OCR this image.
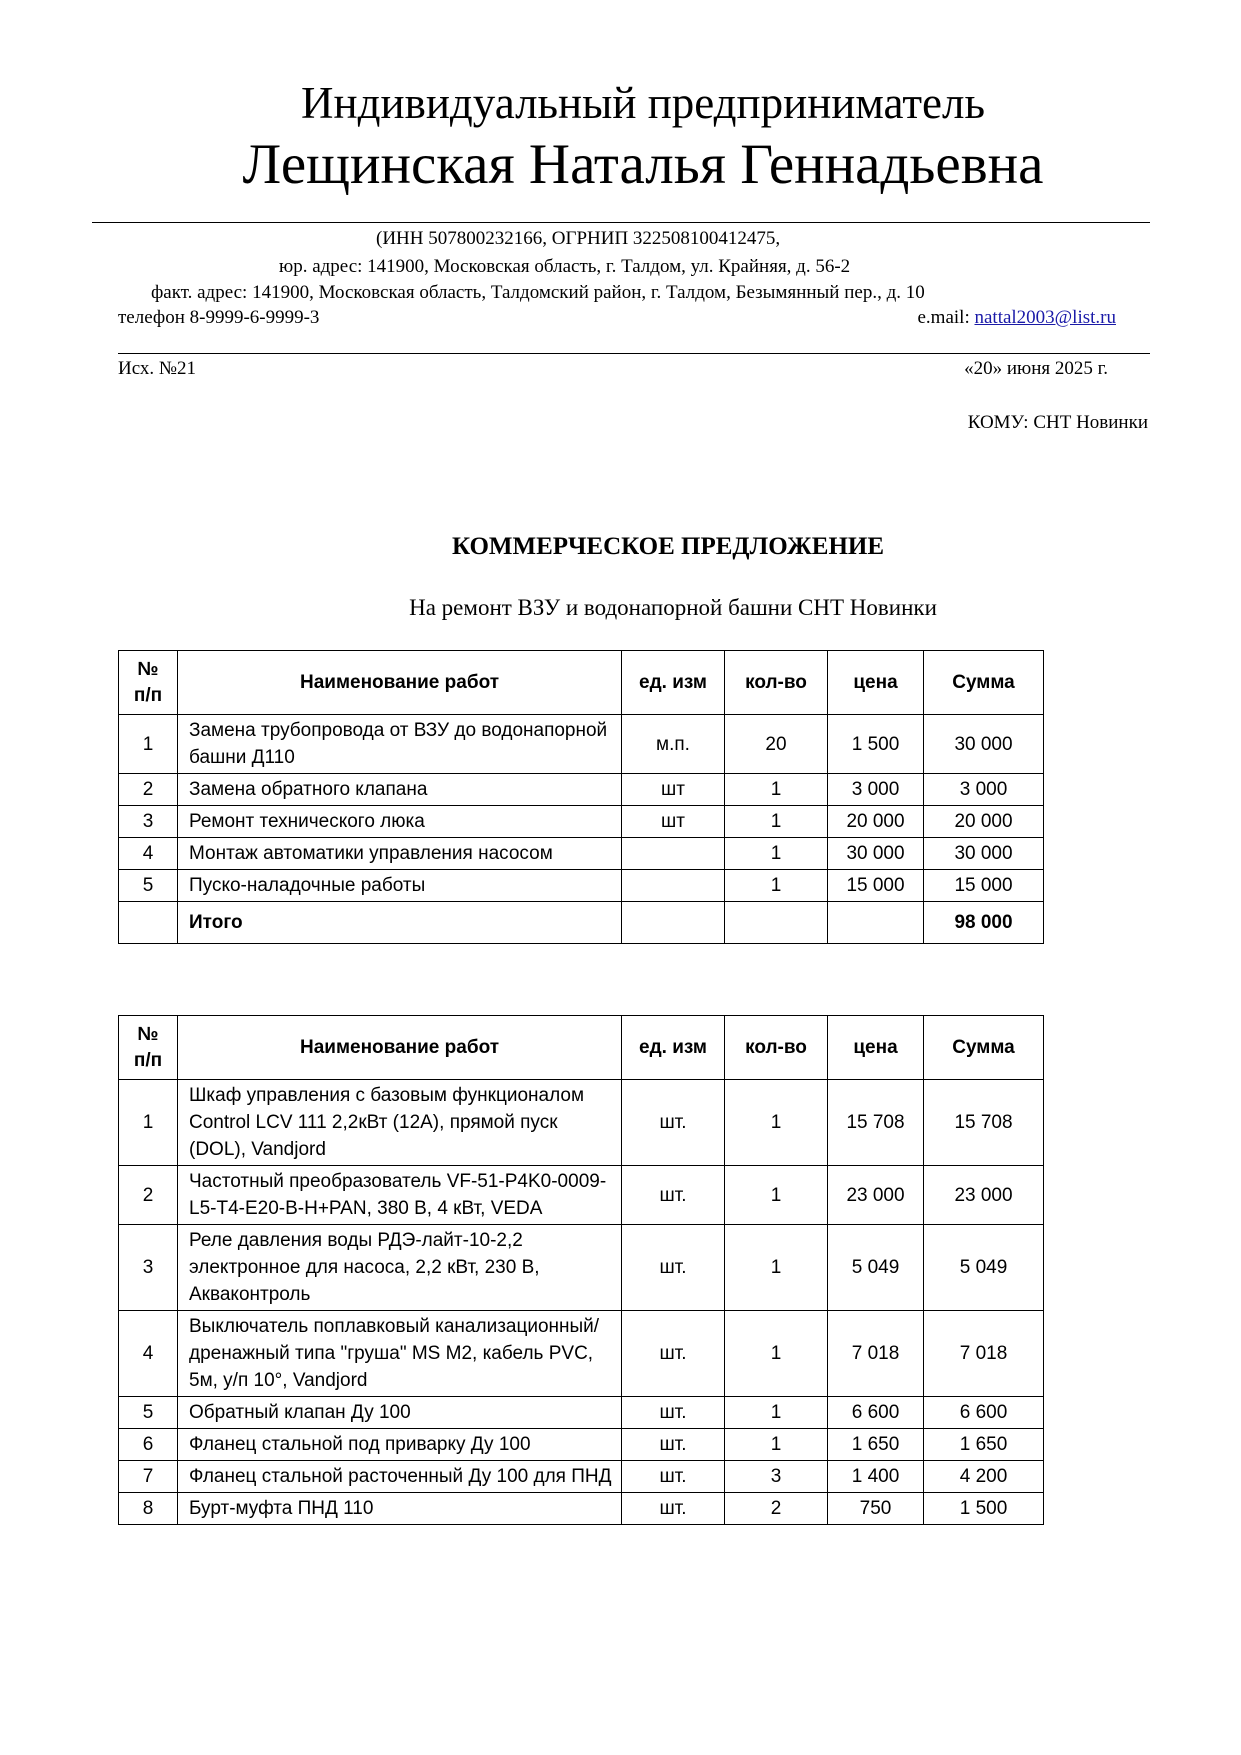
Индивидуальный предприниматель
Лещинская Наталья Геннадьевна
(ИНН 507800232166, ОГРНИП 322508100412475,
юр. адрес: 141900, Московская область, г. Талдом, ул. Крайняя, д. 56-2
факт. адрес: 141900, Московская область, Талдомский район, г. Талдом, Безымянный пер., д. 10
телефон 8-9999-6-9999-3	e.mail: nattal2003@list.ru
Исх. №21	«20» июня 2025 г.
КОМУ: СНТ Новинки
КОММЕРЧЕСКОЕ ПРЕДЛОЖЕНИЕ
На ремонт ВЗУ и водонапорной башни СНТ Новинки
№ п/п	Наименование работ	ед. изм	кол-во	цена	Сумма
1	Замена трубопровода от ВЗУ до водонапорной башни Д110	м.п.	20	1 500	30 000
2	Замена обратного клапана	шт	1	3 000	3 000
3	Ремонт технического люка	шт	1	20 000	20 000
4	Монтаж автоматики управления насосом		1	30 000	30 000
5	Пуско-наладочные работы		1	15 000	15 000
	Итого				98 000
№ п/п	Наименование работ	ед. изм	кол-во	цена	Сумма
1	Шкаф управления с базовым функционалом Control LCV 111 2,2кВт (12A), прямой пуск (DOL), Vandjord	шт.	1	15 708	15 708
2	Частотный преобразователь VF-51-P4K0-0009-L5-T4-E20-B-H+PAN, 380 В, 4 кВт, VEDA	шт.	1	23 000	23 000
3	Реле давления воды РДЭ-лайт-10-2,2 электронное для насоса, 2,2 кВт, 230 В, Акваконтроль	шт.	1	5 049	5 049
4	Выключатель поплавковый канализационный/дренажный типа "груша" MS M2, кабель PVC, 5м, у/п 10°, Vandjord	шт.	1	7 018	7 018
5	Обратный клапан Ду 100	шт.	1	6 600	6 600
6	Фланец стальной под приварку Ду 100	шт.	1	1 650	1 650
7	Фланец стальной расточенный Ду 100 для ПНД	шт.	3	1 400	4 200
8	Бурт-муфта ПНД 110	шт.	2	750	1 500
